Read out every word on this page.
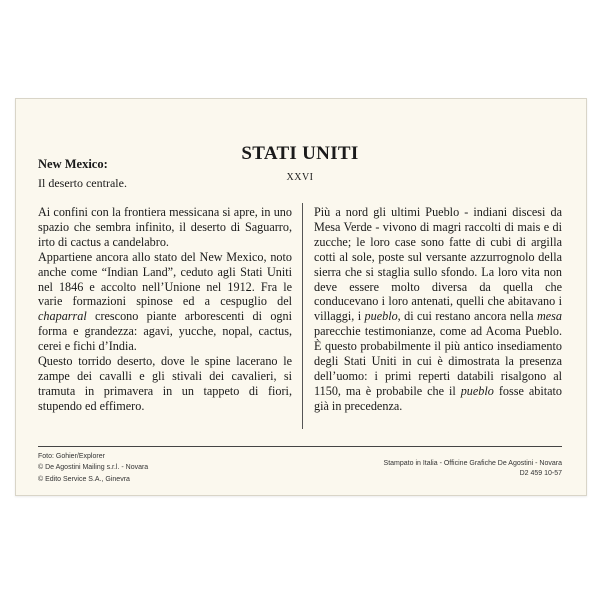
STATI UNITI
XXVI
New Mexico:
Il deserto centrale.

Ai confini con la frontiera messicana si apre, in uno spazio che sembra infinito, il deserto di Saguarro, irto di cactus a candelabro.

Appartiene ancora allo stato del New Mexico, noto anche come “Indian Land”, ceduto agli Stati Uniti nel 1846 e accolto nell’Unione nel 1912. Fra le varie formazioni spinose ed a cespuglio del chaparral crescono piante arborescenti di ogni forma e grandezza: agavi, yucche, nopal, cactus, cerei e fichi d’India.

Questo torrido deserto, dove le spine lacerano le zampe dei cavalli e gli stivali dei cavalieri, si tramuta in primavera in un tappeto di fiori, stupendo ed effimero.

Più a nord gli ultimi Pueblo - indiani discesi da Mesa Verde - vivono di magri raccolti di mais e di zucche; le loro case sono fatte di cubi di argilla cotti al sole, poste sul versante azzurrognolo della sierra che si staglia sullo sfondo. La loro vita non deve essere molto diversa da quella che conducevano i loro antenati, quelli che abitavano i villaggi, i pueblo, di cui restano ancora nella mesa parecchie testimonianze, come ad Acoma Pueblo. È questo probabilmente il più antico insediamento degli Stati Uniti in cui è dimostrata la presenza dell’uomo: i primi reperti databili risalgono al 1150, ma è probabile che il pueblo fosse abitato già in precedenza.

Foto: Gohier/Explorer
© De Agostini Mailing s.r.l. - Novara
© Edito Service S.A., Ginevra
Stampato in Italia - Officine Grafiche De Agostini - Novara
D2 459 10-57
